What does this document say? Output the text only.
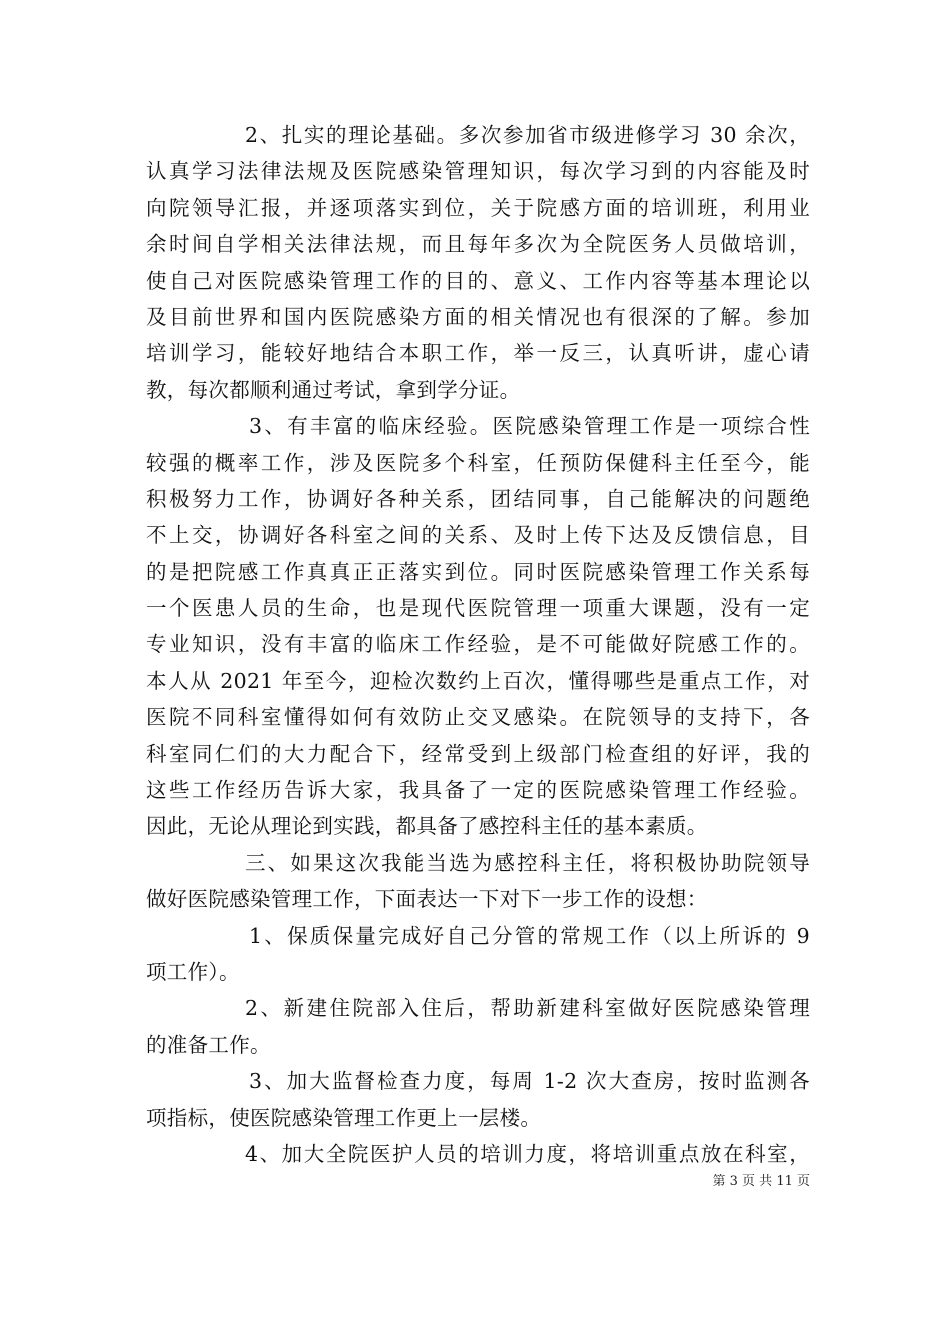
2、扎实的理论基础。多次参加省市级进修学习 30 余次，
认真学习法律法规及医院感染管理知识，每次学习到的内容能及时
向院领导汇报，并逐项落实到位，关于院感方面的培训班，利用业
余时间自学相关法律法规，而且每年多次为全院医务人员做培训，
使自己对医院感染管理工作的目的、意义、工作内容等基本理论以
及目前世界和国内医院感染方面的相关情况也有很深的了解。参加
培训学习，能较好地结合本职工作，举一反三，认真听讲，虚心请
教，每次都顺利通过考试，拿到学分证。
3、有丰富的临床经验。医院感染管理工作是一项综合性
较强的概率工作，涉及医院多个科室，任预防保健科主任至今，能
积极努力工作，协调好各种关系，团结同事，自己能解决的问题绝
不上交，协调好各科室之间的关系、及时上传下达及反馈信息，目
的是把院感工作真真正正落实到位。同时医院感染管理工作关系每
一个医患人员的生命，也是现代医院管理一项重大课题，没有一定
专业知识，没有丰富的临床工作经验，是不可能做好院感工作的。
本人从 2021 年至今，迎检次数约上百次，懂得哪些是重点工作，对
医院不同科室懂得如何有效防止交叉感染。在院领导的支持下，各
科室同仁们的大力配合下，经常受到上级部门检查组的好评，我的
这些工作经历告诉大家，我具备了一定的医院感染管理工作经验。
因此，无论从理论到实践，都具备了感控科主任的基本素质。
三、如果这次我能当选为感控科主任，将积极协助院领导
做好医院感染管理工作，下面表达一下对下一步工作的设想：
1、保质保量完成好自己分管的常规工作（以上所诉的 9
项工作）。
2、新建住院部入住后，帮助新建科室做好医院感染管理
的准备工作。
3、加大监督检查力度，每周 1-2 次大查房，按时监测各
项指标，使医院感染管理工作更上一层楼。
4、加大全院医护人员的培训力度，将培训重点放在科室，
第 3 页 共 11 页
